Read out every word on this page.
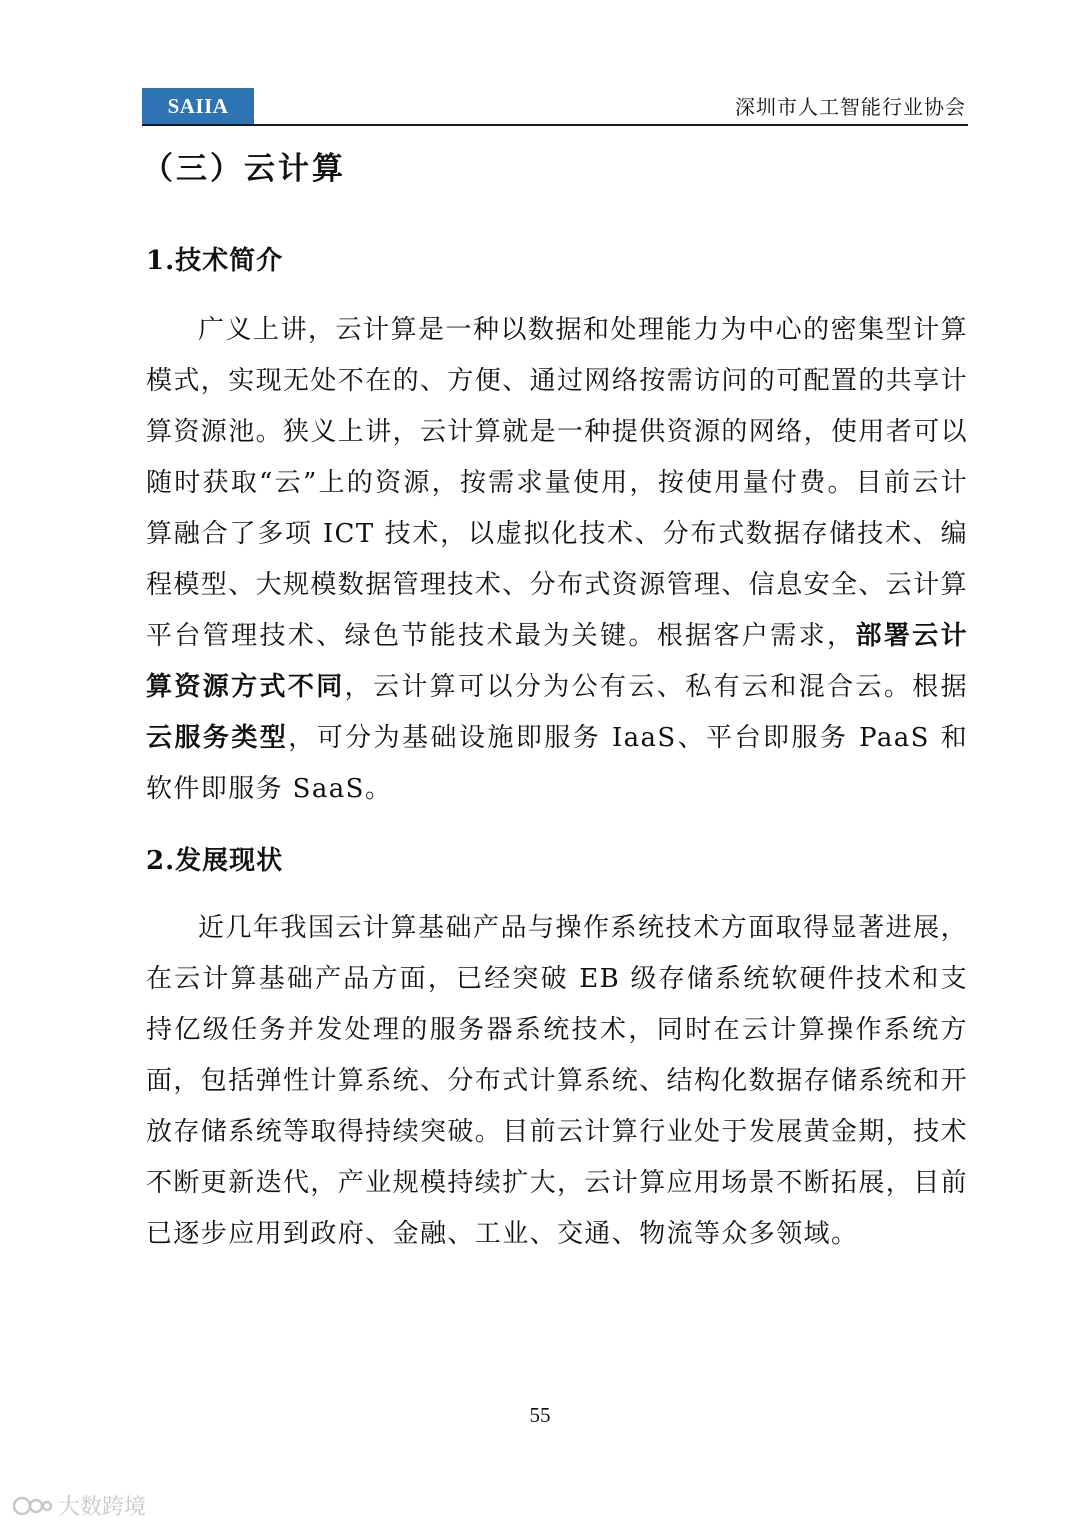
SAIIA	深圳市人工智能行业协会
（三）云计算
1.技术简介

广义上讲，云计算是一种以数据和处理能力为中心的密集型计算模式，实现无处不在的、方便、通过网络按需访问的可配置的共享计算资源池。狭义上讲，云计算就是一种提供资源的网络，使用者可以随时获取“云”上的资源，按需求量使用，按使用量付费。目前云计算融合了多项 ICT 技术，以虚拟化技术、分布式数据存储技术、编程模型、大规模数据管理技术、分布式资源管理、信息安全、云计算平台管理技术、绿色节能技术最为关键。根据客户需求，部署云计算资源方式不同，云计算可以分为公有云、私有云和混合云。根据云服务类型，可分为基础设施即服务 IaaS、平台即服务 PaaS 和软件即服务 SaaS。

2.发展现状

近几年我国云计算基础产品与操作系统技术方面取得显著进展，在云计算基础产品方面，已经突破 EB 级存储系统软硬件技术和支持亿级任务并发处理的服务器系统技术，同时在云计算操作系统方面，包括弹性计算系统、分布式计算系统、结构化数据存储系统和开放存储系统等取得持续突破。目前云计算行业处于发展黄金期，技术不断更新迭代，产业规模持续扩大，云计算应用场景不断拓展，目前已逐步应用到政府、金融、工业、交通、物流等众多领域。

55
大数跨境
